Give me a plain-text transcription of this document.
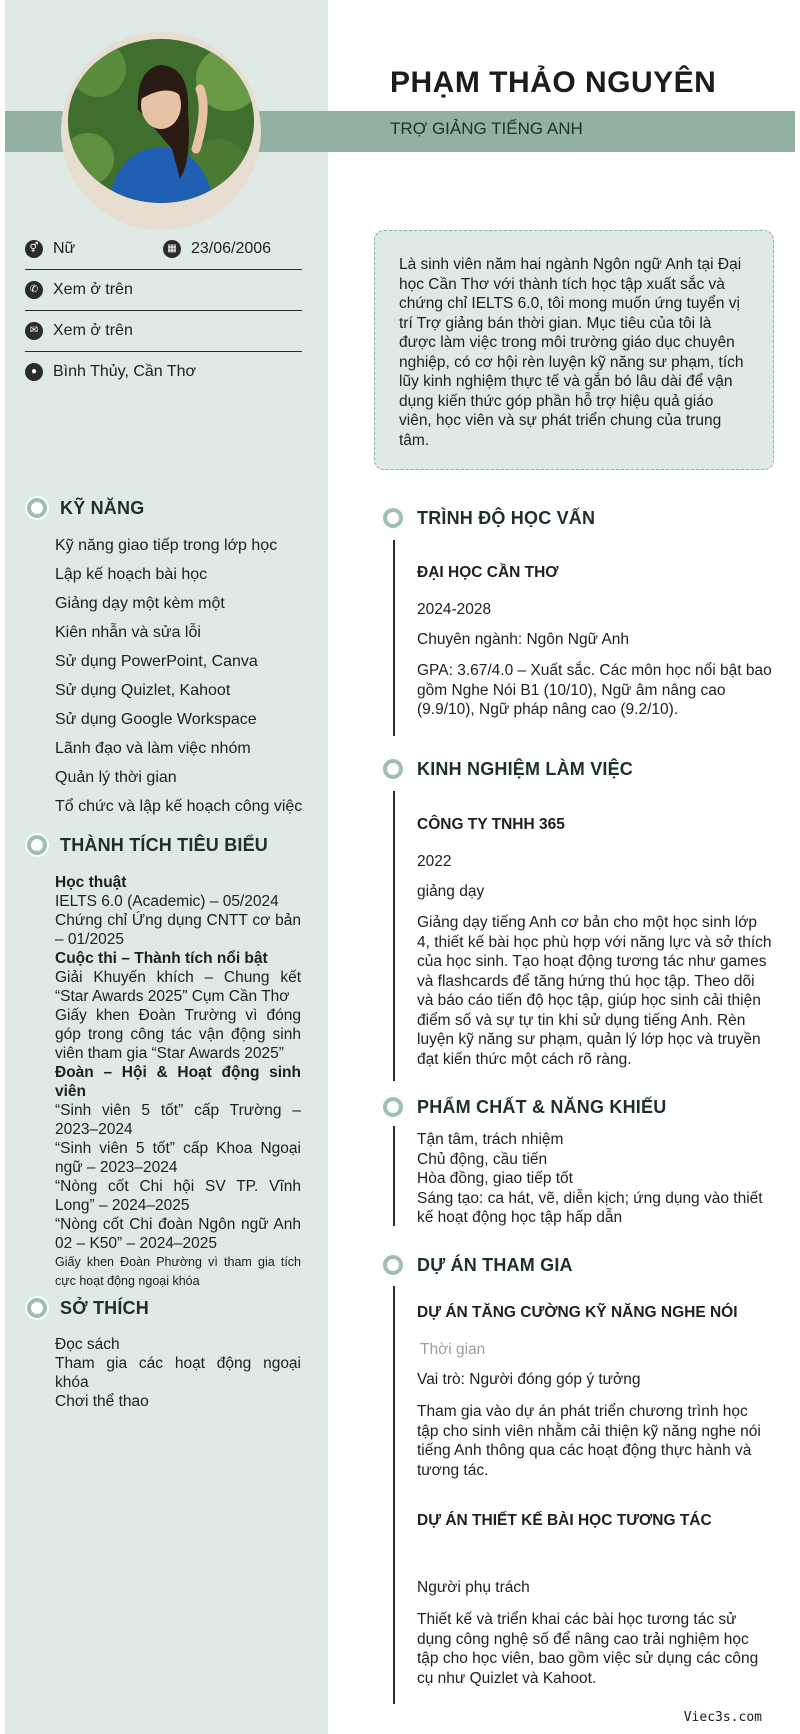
PHẠM THẢO NGUYÊN
TRỢ GIẢNG TIẾNG ANH
⚥ Nữ	▦ 23/06/2006
✆ Xem ở trên
✉ Xem ở trên
● Bình Thủy, Cần Thơ
Là sinh viên năm hai ngành Ngôn ngữ Anh tại Đại học Cần Thơ với thành tích học tập xuất sắc và chứng chỉ IELTS 6.0, tôi mong muốn ứng tuyển vị trí Trợ giảng bán thời gian. Mục tiêu của tôi là được làm việc trong môi trường giáo dục chuyên nghiệp, có cơ hội rèn luyện kỹ năng sư phạm, tích lũy kinh nghiệm thực tế và gắn bó lâu dài để vận dụng kiến thức góp phần hỗ trợ hiệu quả giáo viên, học viên và sự phát triển chung của trung tâm.
KỸ NĂNG
Kỹ năng giao tiếp trong lớp học
Lập kế hoạch bài học
Giảng dạy một kèm một
Kiên nhẫn và sửa lỗi
Sử dụng PowerPoint, Canva
Sử dụng Quizlet, Kahoot
Sử dụng Google Workspace
Lãnh đạo và làm việc nhóm
Quản lý thời gian
Tổ chức và lập kế hoạch công việc
THÀNH TÍCH TIÊU BIỂU
Học thuật
IELTS 6.0 (Academic) – 05/2024
Chứng chỉ Ứng dụng CNTT cơ bản – 01/2025
Cuộc thi – Thành tích nổi bật
Giải Khuyến khích – Chung kết “Star Awards 2025” Cụm Cần Thơ
Giấy khen Đoàn Trường vì đóng góp trong công tác vận động sinh viên tham gia “Star Awards 2025”
Đoàn – Hội & Hoạt động sinh viên
“Sinh viên 5 tốt” cấp Trường – 2023–2024
“Sinh viên 5 tốt” cấp Khoa Ngoại ngữ – 2023–2024
“Nòng cốt Chi hội SV TP. Vĩnh Long” – 2024–2025
“Nòng cốt Chi đoàn Ngôn ngữ Anh 02 – K50” – 2024–2025
Giấy khen Đoàn Phường vì tham gia tích cực hoạt động ngoại khóa
SỞ THÍCH
Đọc sách
Tham gia các hoạt động ngoại khóa
Chơi thể thao
TRÌNH ĐỘ HỌC VẤN
ĐẠI HỌC CẦN THƠ
2024-2028
Chuyên ngành: Ngôn Ngữ Anh
GPA: 3.67/4.0 – Xuất sắc. Các môn học nổi bật bao gồm Nghe Nói B1 (10/10), Ngữ âm nâng cao (9.9/10), Ngữ pháp nâng cao (9.2/10).
KINH NGHIỆM LÀM VIỆC
CÔNG TY TNHH 365
2022
giảng dạy
Giảng dạy tiếng Anh cơ bản cho một học sinh lớp 4, thiết kế bài học phù hợp với năng lực và sở thích của học sinh. Tạo hoạt động tương tác như games và flashcards để tăng hứng thú học tập. Theo dõi và báo cáo tiến độ học tập, giúp học sinh cải thiện điểm số và sự tự tin khi sử dụng tiếng Anh. Rèn luyện kỹ năng sư phạm, quản lý lớp học và truyền đạt kiến thức một cách rõ ràng.
PHẨM CHẤT & NĂNG KHIẾU
Tận tâm, trách nhiệm
Chủ động, cầu tiến
Hòa đồng, giao tiếp tốt
Sáng tạo: ca hát, vẽ, diễn kịch; ứng dụng vào thiết kế hoạt động học tập hấp dẫn
DỰ ÁN THAM GIA
DỰ ÁN TĂNG CƯỜNG KỸ NĂNG NGHE NÓI
Thời gian
Vai trò: Người đóng góp ý tưởng
Tham gia vào dự án phát triển chương trình học tập cho sinh viên nhằm cải thiện kỹ năng nghe nói tiếng Anh thông qua các hoạt động thực hành và tương tác.
DỰ ÁN THIẾT KẾ BÀI HỌC TƯƠNG TÁC
Người phụ trách
Thiết kế và triển khai các bài học tương tác sử dụng công nghệ số để nâng cao trải nghiệm học tập cho học viên, bao gồm việc sử dụng các công cụ như Quizlet và Kahoot.
Viec3s.com
